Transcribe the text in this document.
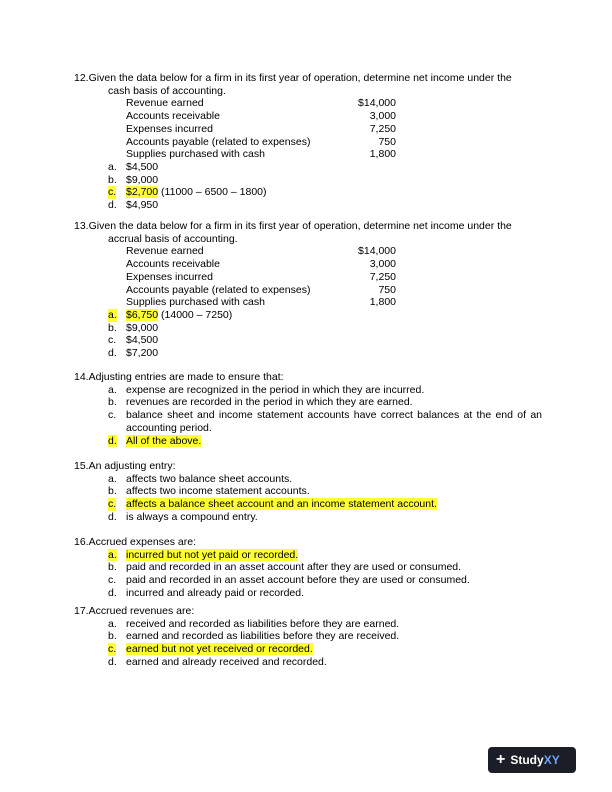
12.Given the data below for a firm in its first year of operation, determine net income under the
cash basis of accounting.
Revenue earned	$14,000
Accounts receivable	3,000
Expenses incurred	7,250
Accounts payable (related to expenses)	750
Supplies purchased with cash	1,800
a. $4,500
b. $9,000
c. $2,700 (11000 – 6500 – 1800)
d. $4,950
13.Given the data below for a firm in its first year of operation, determine net income under the
accrual basis of accounting.
Revenue earned	$14,000
Accounts receivable	3,000
Expenses incurred	7,250
Accounts payable (related to expenses)	750
Supplies purchased with cash	1,800
a. $6,750 (14000 – 7250)
b. $9,000
c. $4,500
d. $7,200
14.Adjusting entries are made to ensure that:
a. expense are recognized in the period in which they are incurred.
b. revenues are recorded in the period in which they are earned.
c. balance sheet and income statement accounts have correct balances at the end of an accounting period.
d. All of the above.
15.An adjusting entry:
a. affects two balance sheet accounts.
b. affects two income statement accounts.
c. affects a balance sheet account and an income statement account.
d. is always a compound entry.
16.Accrued expenses are:
a. incurred but not yet paid or recorded.
b. paid and recorded in an asset account after they are used or consumed.
c. paid and recorded in an asset account before they are used or consumed.
d. incurred and already paid or recorded.
17.Accrued revenues are:
a. received and recorded as liabilities before they are earned.
b. earned and recorded as liabilities before they are received.
c. earned but not yet received or recorded.
d. earned and already received and recorded.
+ StudyXY
